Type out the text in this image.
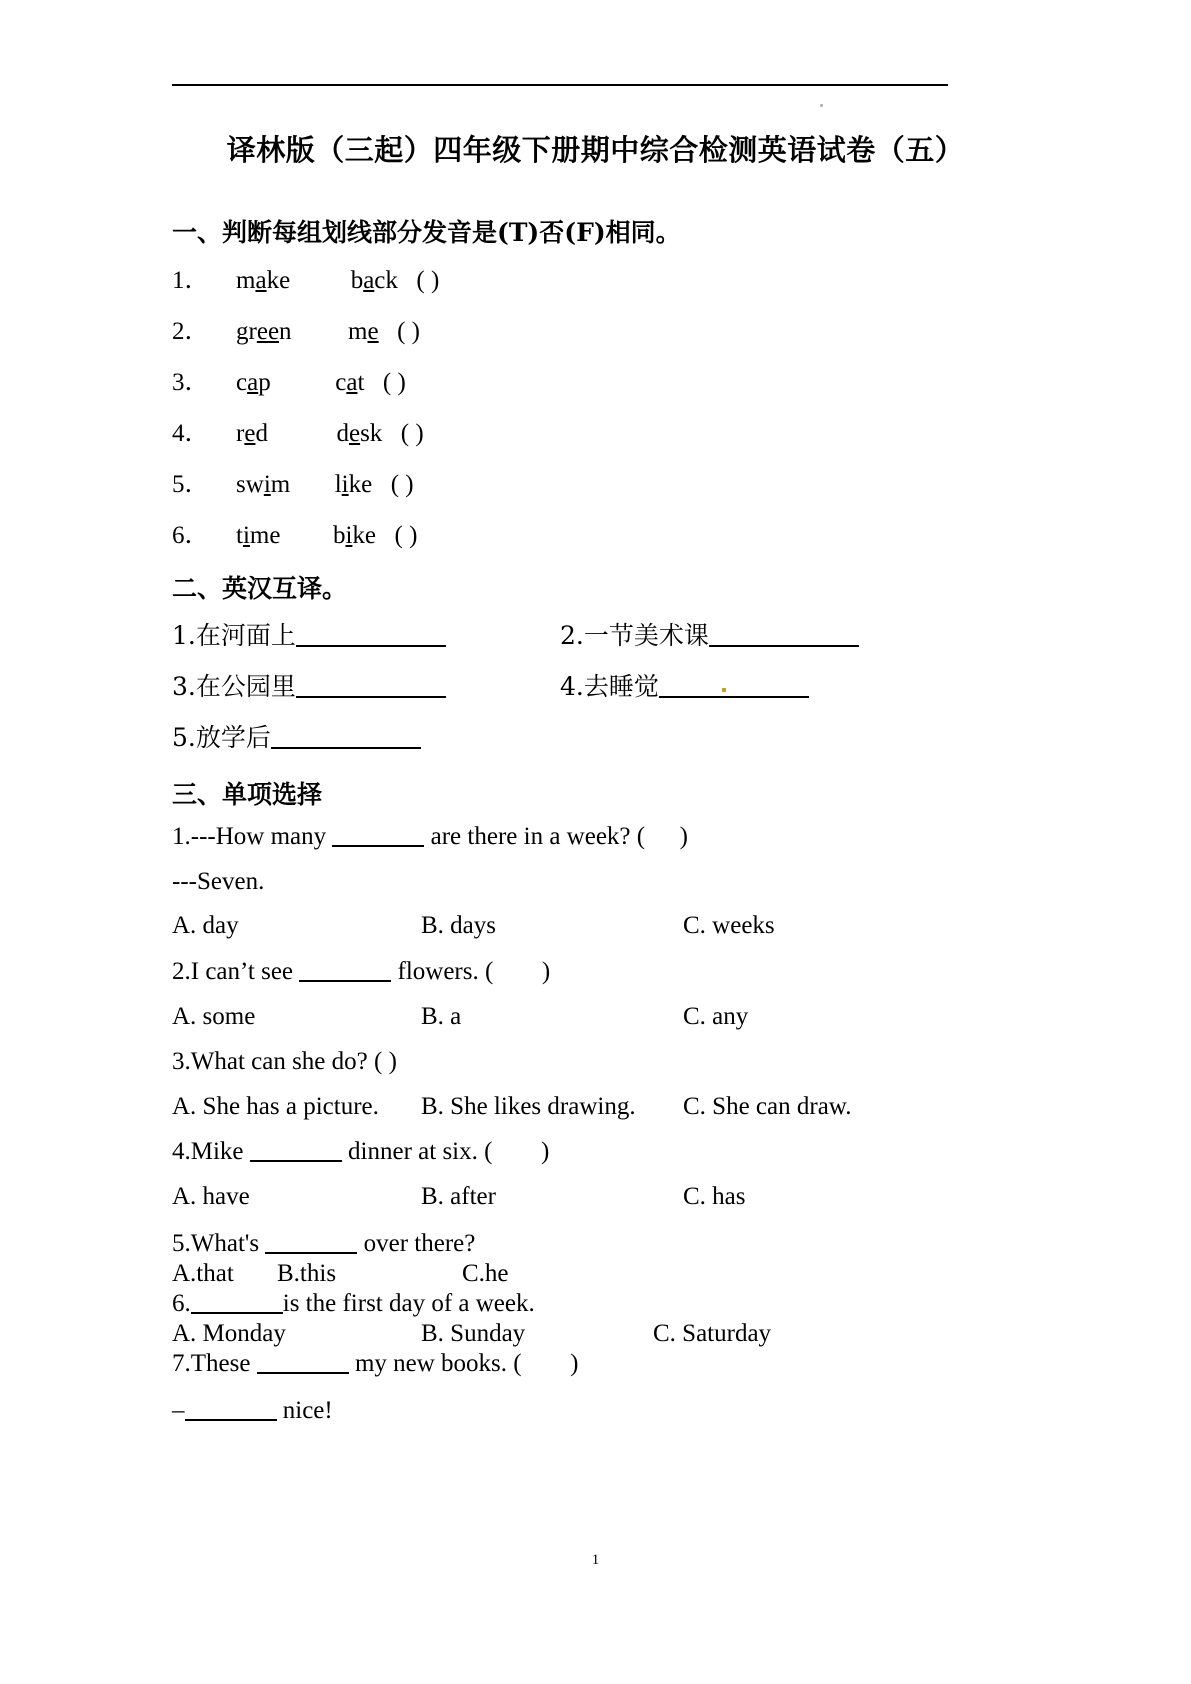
译林版（三起）四年级下册期中综合检测英语试卷（五）
一、判断每组划线部分发音是(T)否(F)相同。
1． make back ( )
2． green me ( )
3． cap	cat ( )
4． red	desk ( )
5． swim like ( )
6． time bike ( )
二、英汉互译。
1.在河面上	2.一节美术课
3.在公园里	4.去睡觉
5.放学后
三、单项选择
1.---How many	are there in a week? ( )
---Seven.
A. day	B. days	C. weeks
2.I can’t see	flowers. ( )
A. some	B. a	C. any
3.What can she do? ( )
A. She has a picture. B. She likes drawing. C. She can draw.
4.Mike	dinner at six. ( )
A. have	B. after	C. has
5.What's	over there?
A.that B.this	C.he
6.	is the first day of a week.
A. Monday	B. Sunday	C. Saturday
7.These	my new books. ( )
–	nice!
1
